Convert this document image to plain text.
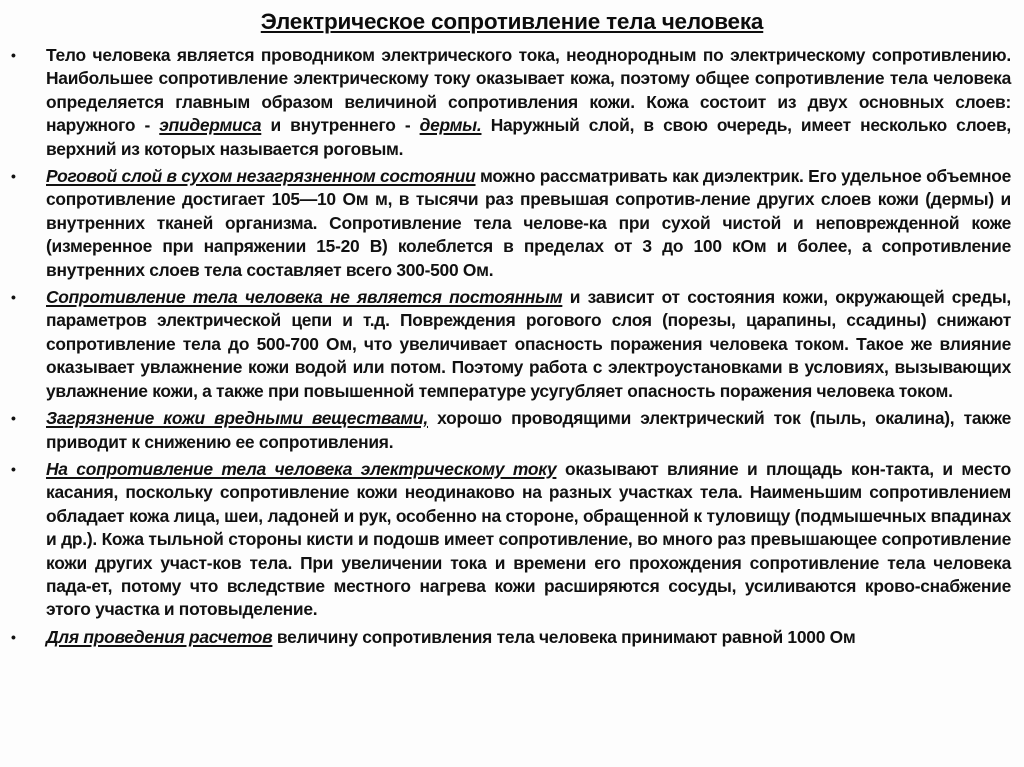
Электрическое сопротивление тела человека
• Тело человека является проводником электрического тока, неоднородным по электрическому сопротивлению. Наибольшее сопротивление электрическому току оказывает кожа, поэтому общее сопротивление тела человека определяется главным образом величиной сопротивления кожи. Кожа состоит из двух основных слоев: наружного - эпидермиса и внутреннего - дермы. Наружный слой, в свою очередь, имеет несколько слоев, верхний из которых называется роговым.
• Роговой слой в сухом незагрязненном состоянии можно рассматривать как диэлектрик. Его удельное объемное сопротивление достигает 105—10 Ом м, в тысячи раз превышая сопротив-ление других слоев кожи (дермы) и внутренних тканей организма. Сопротивление тела челове-ка при сухой чистой и неповрежденной коже (измеренное при напряжении 15-20 В) колеблется в пределах от 3 до 100 кОм и более, а сопротивление внутренних слоев тела составляет всего 300-500 Ом.
• Сопротивление тела человека не является постоянным и зависит от состояния кожи, окружающей среды, параметров электрической цепи и т.д. Повреждения рогового слоя (порезы, царапины, ссадины) снижают сопротивление тела до 500-700 Ом, что увеличивает опасность поражения человека током. Такое же влияние оказывает увлажнение кожи водой или потом. Поэтому работа с электроустановками в условиях, вызывающих увлажнение кожи, а также при повышенной температуре усугубляет опасность поражения человека током.
• Загрязнение кожи вредными веществами, хорошо проводящими электрический ток (пыль, окалина), также приводит к снижению ее сопротивления.
• На сопротивление тела человека электрическому току оказывают влияние и площадь кон-такта, и место касания, поскольку сопротивление кожи неодинаково на разных участках тела. Наименьшим сопротивлением обладает кожа лица, шеи, ладоней и рук, особенно на стороне, обращенной к туловищу (подмышечных впадинах и др.). Кожа тыльной стороны кисти и подошв имеет сопротивление, во много раз превышающее сопротивление кожи других участ-ков тела. При увеличении тока и времени его прохождения сопротивление тела человека пада-ет, потому что вследствие местного нагрева кожи расширяются сосуды, усиливаются крово-снабжение этого участка и потовыделение.
• Для проведения расчетов величину сопротивления тела человека принимают равной 1000 Ом
